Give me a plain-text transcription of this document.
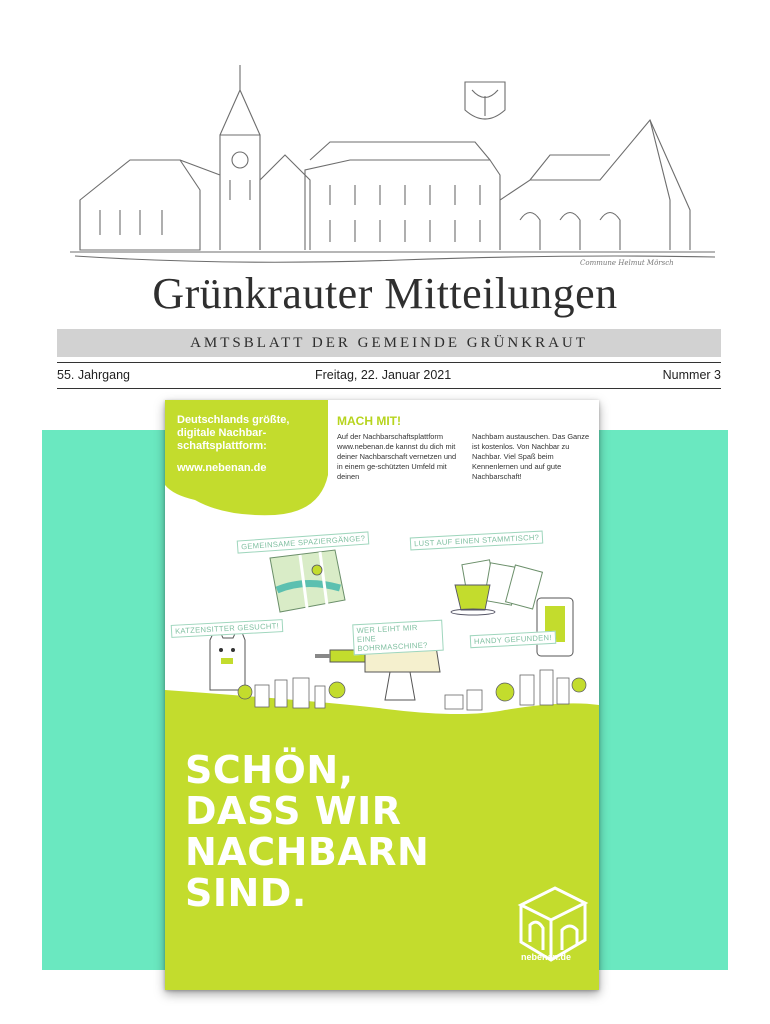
Commune Helmut Mörsch
Grünkrauter Mitteilungen
AMTSBLATT DER GEMEINDE GRÜNKRAUT
55. Jahrgang	Freitag, 22. Januar 2021	Nummer 3
Deutschlands größte, digitale Nachbar-schaftsplattform:
www.nebenan.de
MACH MIT!
Auf der Nachbarschaftsplattform www.nebenan.de kannst du dich mit deiner Nachbarschaft vernetzen und in einem ge-schützten Umfeld mit deinen
Nachbarn austauschen. Das Ganze ist kostenlos. Von Nachbar zu Nachbar. Viel Spaß beim Kennenlernen und auf gute Nachbarschaft!
GEMEINSAME SPAZIERGÄNGE?	LUST AUF EINEN STAMMTISCH?
KATZENSITTER GESUCHT!	WER LEIHT MIR EINE BOHRMASCHINE?
HANDY GEFUNDEN!
SCHÖN,
DASS WIR
NACHBARN
SIND.
nebenan.de
